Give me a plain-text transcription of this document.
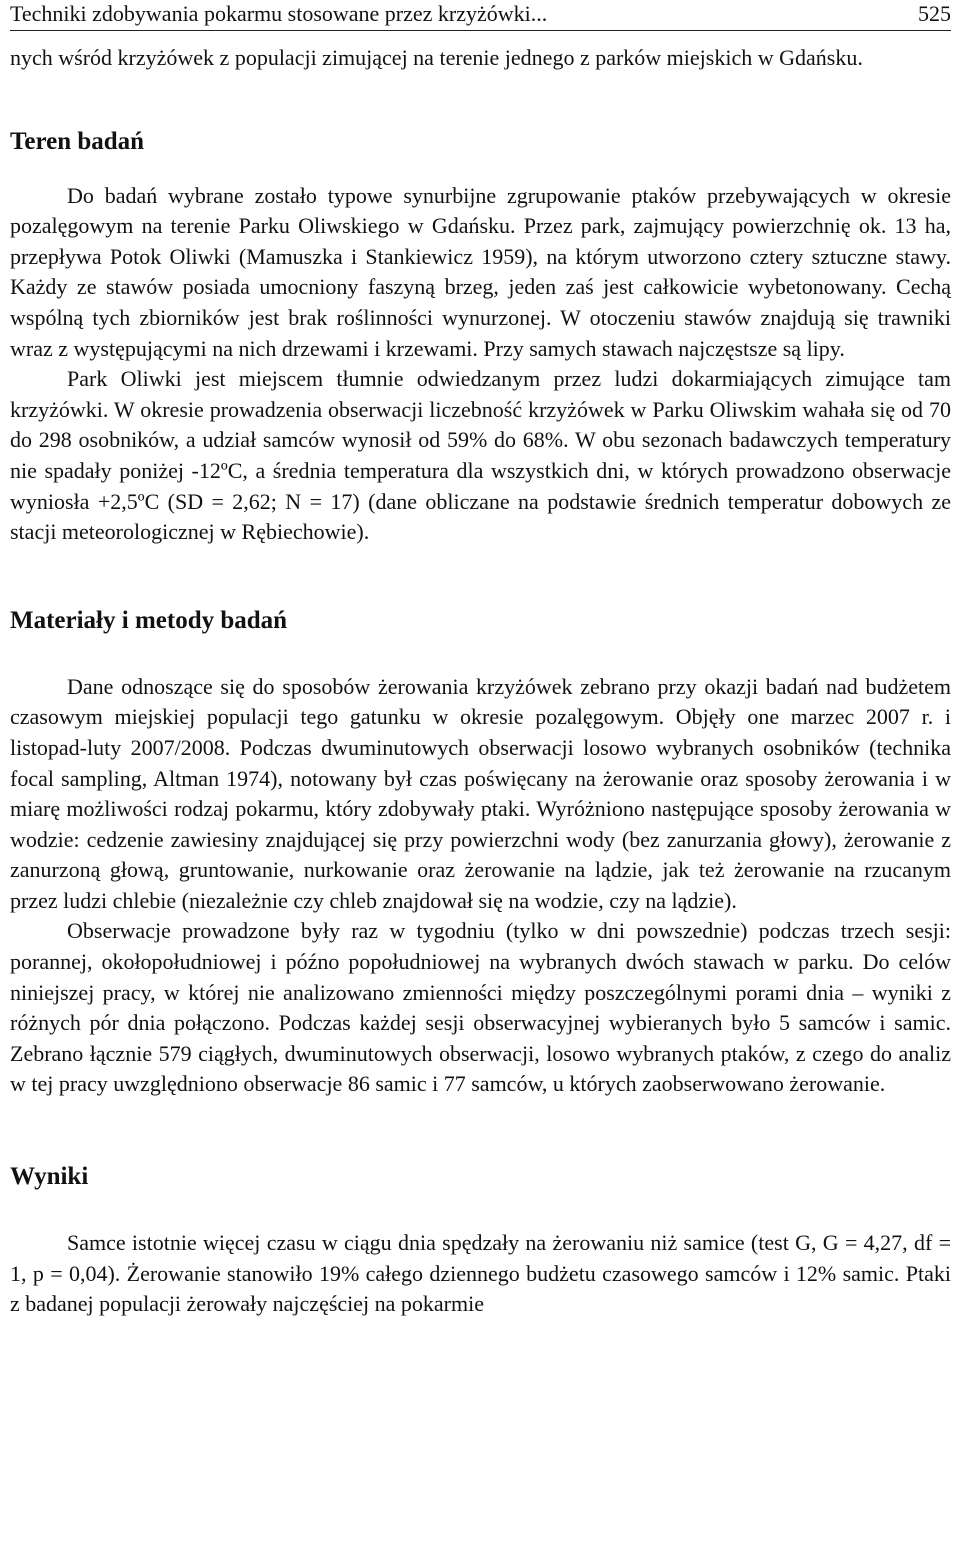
Techniki zdobywania pokarmu stosowane przez krzyżówki...	525

nych wśród krzyżówek z populacji zimującej na terenie jednego z parków miejskich w Gdańsku.

Teren badań

Do badań wybrane zostało typowe synurbijne zgrupowanie ptaków przebywających w okresie pozalęgowym na terenie Parku Oliwskiego w Gdańsku. Przez park, zajmujący powierzchnię ok. 13 ha, przepływa Potok Oliwki (Mamuszka i Stankiewicz 1959), na którym utworzono cztery sztuczne stawy. Każdy ze stawów posiada umocniony faszyną brzeg, jeden zaś jest całkowicie wybetonowany. Cechą wspólną tych zbiorników jest brak roślinności wynurzonej. W otoczeniu stawów znajdują się trawniki wraz z występującymi na nich drzewami i krzewami. Przy samych stawach najczęstsze są lipy.

Park Oliwki jest miejscem tłumnie odwiedzanym przez ludzi dokarmiających zimujące tam krzyżówki. W okresie prowadzenia obserwacji liczebność krzyżówek w Parku Oliwskim wahała się od 70 do 298 osobników, a udział samców wynosił od 59% do 68%. W obu sezonach badawczych temperatury nie spadały poniżej -12ºC, a średnia temperatura dla wszystkich dni, w których prowadzono obserwacje wyniosła +2,5ºC (SD = 2,62; N = 17) (dane obliczane na podstawie średnich temperatur dobowych ze stacji meteorologicznej w Rębiechowie).

Materiały i metody badań

Dane odnoszące się do sposobów żerowania krzyżówek zebrano przy okazji badań nad budżetem czasowym miejskiej populacji tego gatunku w okresie pozalęgowym. Objęły one marzec 2007 r. i listopad-luty 2007/2008. Podczas dwuminutowych obserwacji losowo wybranych osobników (technika focal sampling, Altman 1974), notowany był czas poświęcany na żerowanie oraz sposoby żerowania i w miarę możliwości rodzaj pokarmu, który zdobywały ptaki. Wyróżniono następujące sposoby żerowania w wodzie: cedzenie zawiesiny znajdującej się przy powierzchni wody (bez zanurzania głowy), żerowanie z zanurzoną głową, gruntowanie, nurkowanie oraz żerowanie na lądzie, jak też żerowanie na rzucanym przez ludzi chlebie (niezależnie czy chleb znajdował się na wodzie, czy na lądzie).

Obserwacje prowadzone były raz w tygodniu (tylko w dni powszednie) podczas trzech sesji: porannej, okołopołudniowej i późno popołudniowej na wybranych dwóch stawach w parku. Do celów niniejszej pracy, w której nie analizowano zmienności między poszczególnymi porami dnia – wyniki z różnych pór dnia połączono. Podczas każdej sesji obserwacyjnej wybieranych było 5 samców i samic. Zebrano łącznie 579 ciągłych, dwuminutowych obserwacji, losowo wybranych ptaków, z czego do analiz w tej pracy uwzględniono obserwacje 86 samic i 77 samców, u których zaobserwowano żerowanie.

Wyniki

Samce istotnie więcej czasu w ciągu dnia spędzały na żerowaniu niż samice (test G, G = 4,27, df = 1, p = 0,04). Żerowanie stanowiło 19% całego dziennego budżetu czasowego samców i 12% samic. Ptaki z badanej populacji żerowały najczęściej na pokarmie
